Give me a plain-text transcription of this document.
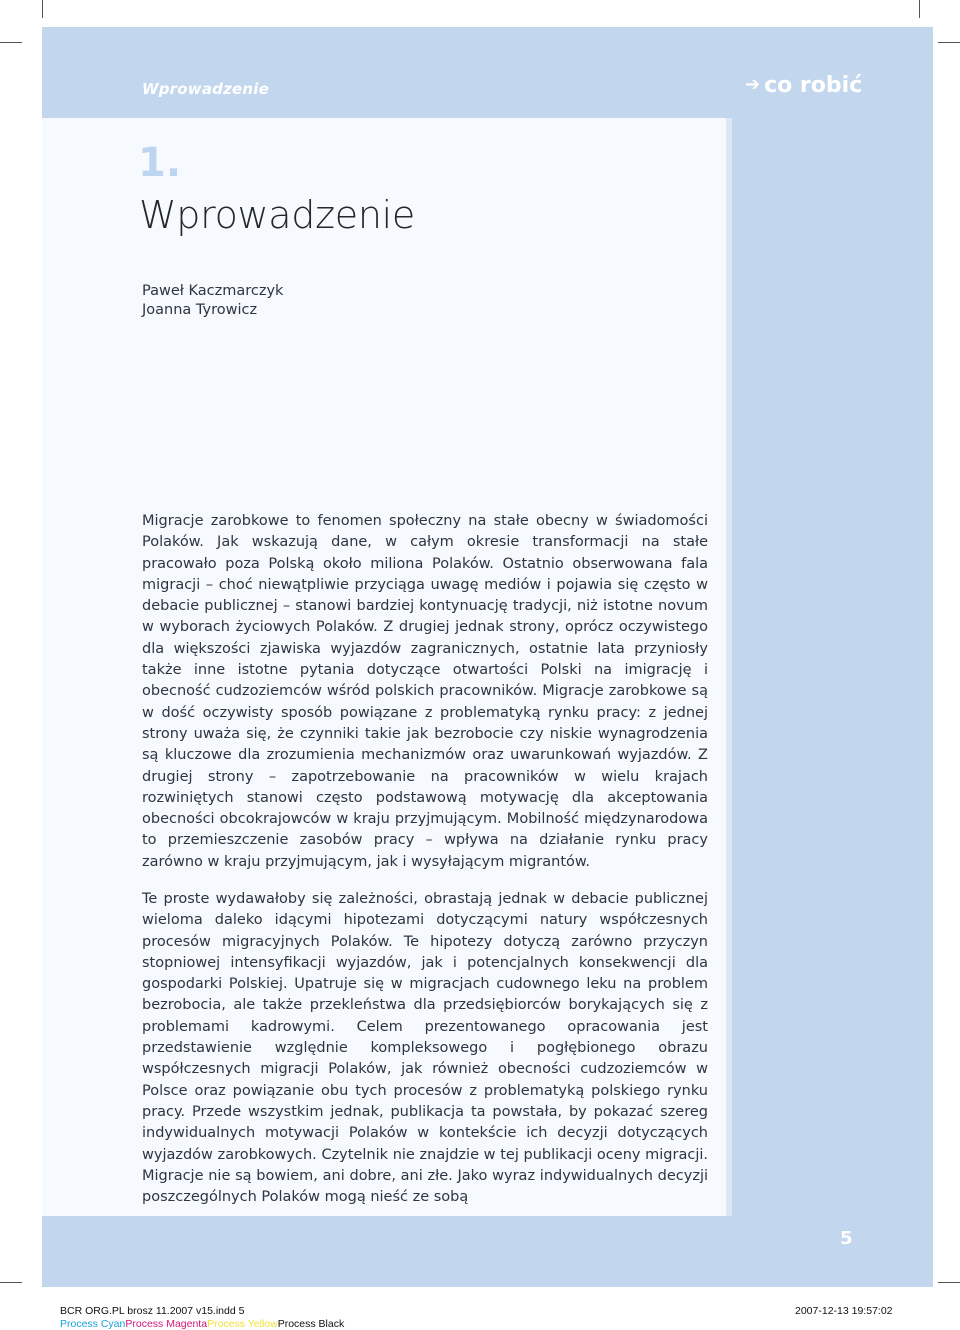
Wprowadzenie	➔ co robić
1.
Wprowadzenie
Paweł Kaczmarczyk
Joanna Tyrowicz

Migracje zarobkowe to fenomen społeczny na stałe obecny w świadomości Polaków. Jak wskazują dane, w całym okresie transformacji na stałe pracowało poza Polską około miliona Polaków. Ostatnio obserwowana fala migracji – choć niewątpliwie przyciąga uwagę mediów i pojawia się często w debacie publicznej – stanowi bardziej kontynuację tradycji, niż istotne novum w wyborach życiowych Polaków. Z drugiej jednak strony, oprócz oczywistego dla większości zjawiska wyjazdów zagranicznych, ostatnie lata przyniosły także inne istotne pytania dotyczące otwartości Polski na imigrację i obecność cudzoziemców wśród polskich pracowników. Migracje zarobkowe są w dość oczywisty sposób powiązane z problematyką rynku pracy: z jednej strony uważa się, że czynniki takie jak bezrobocie czy niskie wynagrodzenia są kluczowe dla zrozumienia mechanizmów oraz uwarunkowań wyjazdów. Z drugiej strony – zapotrzebowanie na pracowników w wielu krajach rozwiniętych stanowi często podstawową motywację dla akceptowania obecności obcokrajowców w kraju przyjmującym. Mobilność międzynarodowa to przemieszczenie zasobów pracy – wpływa na działanie rynku pracy zarówno w kraju przyjmującym, jak i wysyłającym migrantów.

Te proste wydawałoby się zależności, obrastają jednak w debacie publicznej wieloma daleko idącymi hipotezami dotyczącymi natury współczesnych procesów migracyjnych Polaków. Te hipotezy dotyczą zarówno przyczyn stopniowej intensyfikacji wyjazdów, jak i potencjalnych konsekwencji dla gospodarki Polskiej. Upatruje się w migracjach cudownego leku na problem bezrobocia, ale także przekleństwa dla przedsiębiorców borykających się z problemami kadrowymi. Celem prezentowanego opracowania jest przedstawienie względnie kompleksowego i pogłębionego obrazu współczesnych migracji Polaków, jak również obecności cudzoziemców w Polsce oraz powiązanie obu tych procesów z problematyką polskiego rynku pracy. Przede wszystkim jednak, publikacja ta powstała, by pokazać szereg indywidualnych motywacji Polaków w kontekście ich decyzji dotyczących wyjazdów zarobkowych. Czytelnik nie znajdzie w tej publikacji oceny migracji. Migracje nie są bowiem, ani dobre, ani złe. Jako wyraz indywidualnych decyzji poszczególnych Polaków mogą nieść ze sobą

5
BCR ORG.PL brosz 11.2007 v15.indd 5	2007-12-13 19:57:02
Process CyanProcess MagentaProcess YellowProcess Black
